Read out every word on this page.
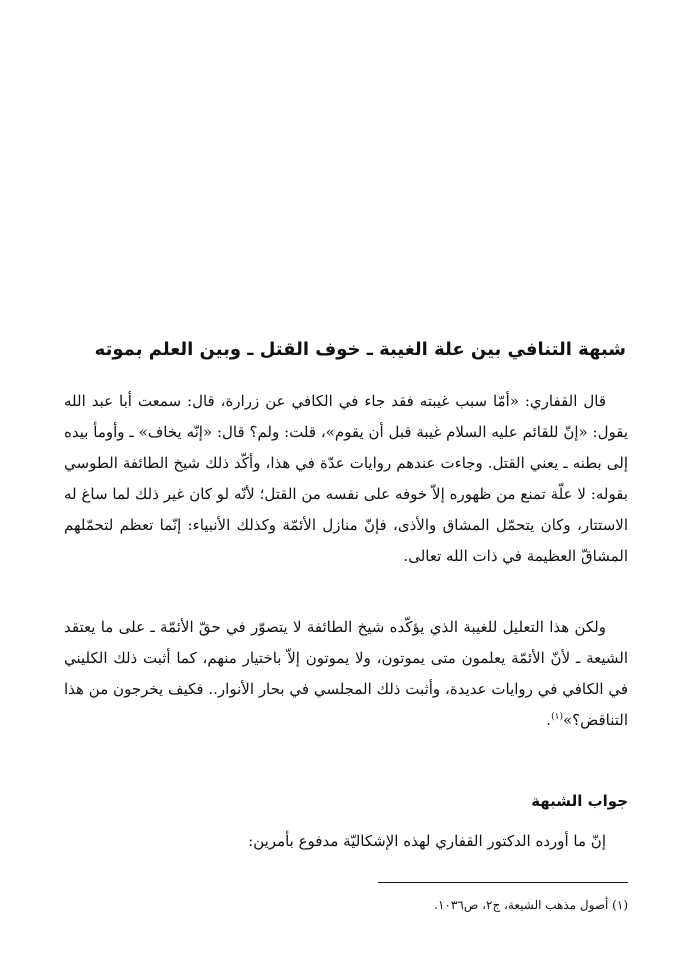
شبهة التنافي بين علة الغيبة ـ خوف القتل ـ وبين العلم بموته

قال القفاري: «أمّا سبب غيبته فقد جاء في الكافي عن زرارة، قال: سمعت أبا عبد الله يقول: «إنّ للقائم عليه السلام غيبة قبل أن يقوم»، قلت: ولم؟ قال: «إنّه يخاف» ـ وأومأ بيده إلى بطنه ـ يعني القتل. وجاءت عندهم روايات عدّة في هذا، وأكّد ذلك شيخ الطائفة الطوسي بقوله: لا علّة تمنع من ظهوره إلاّ خوفه على نفسه من القتل؛ لأنّه لو كان غير ذلك لما ساغ له الاستتار، وكان يتحمّل المشاق والأذى، فإنّ منازل الأئمّة وكذلك الأنبياء: إنّما تعظم لتحمّلهم المشاقّ العظيمة في ذات الله تعالى.

ولكن هذا التعليل للغيبة الذي يؤكّده شيخ الطائفة لا يتصوّر في حقّ الأئمّة ـ على ما يعتقد الشيعة ـ لأنّ الأئمّة يعلمون متى يموتون، ولا يموتون إلاّ باختيار منهم، كما أثبت ذلك الكليني في الكافي في روايات عديدة، وأثبت ذلك المجلسي في بحار الأنوار.. فكيف يخرجون من هذا التناقض؟»$^{(١)}$.

جواب الشبهة

إنّ ما أورده الدكتور القفاري لهذه الإشكاليّة مدفوع بأمرين:

(١) أصول مذهب الشيعة، ج٢، ص١٠٣٦.
